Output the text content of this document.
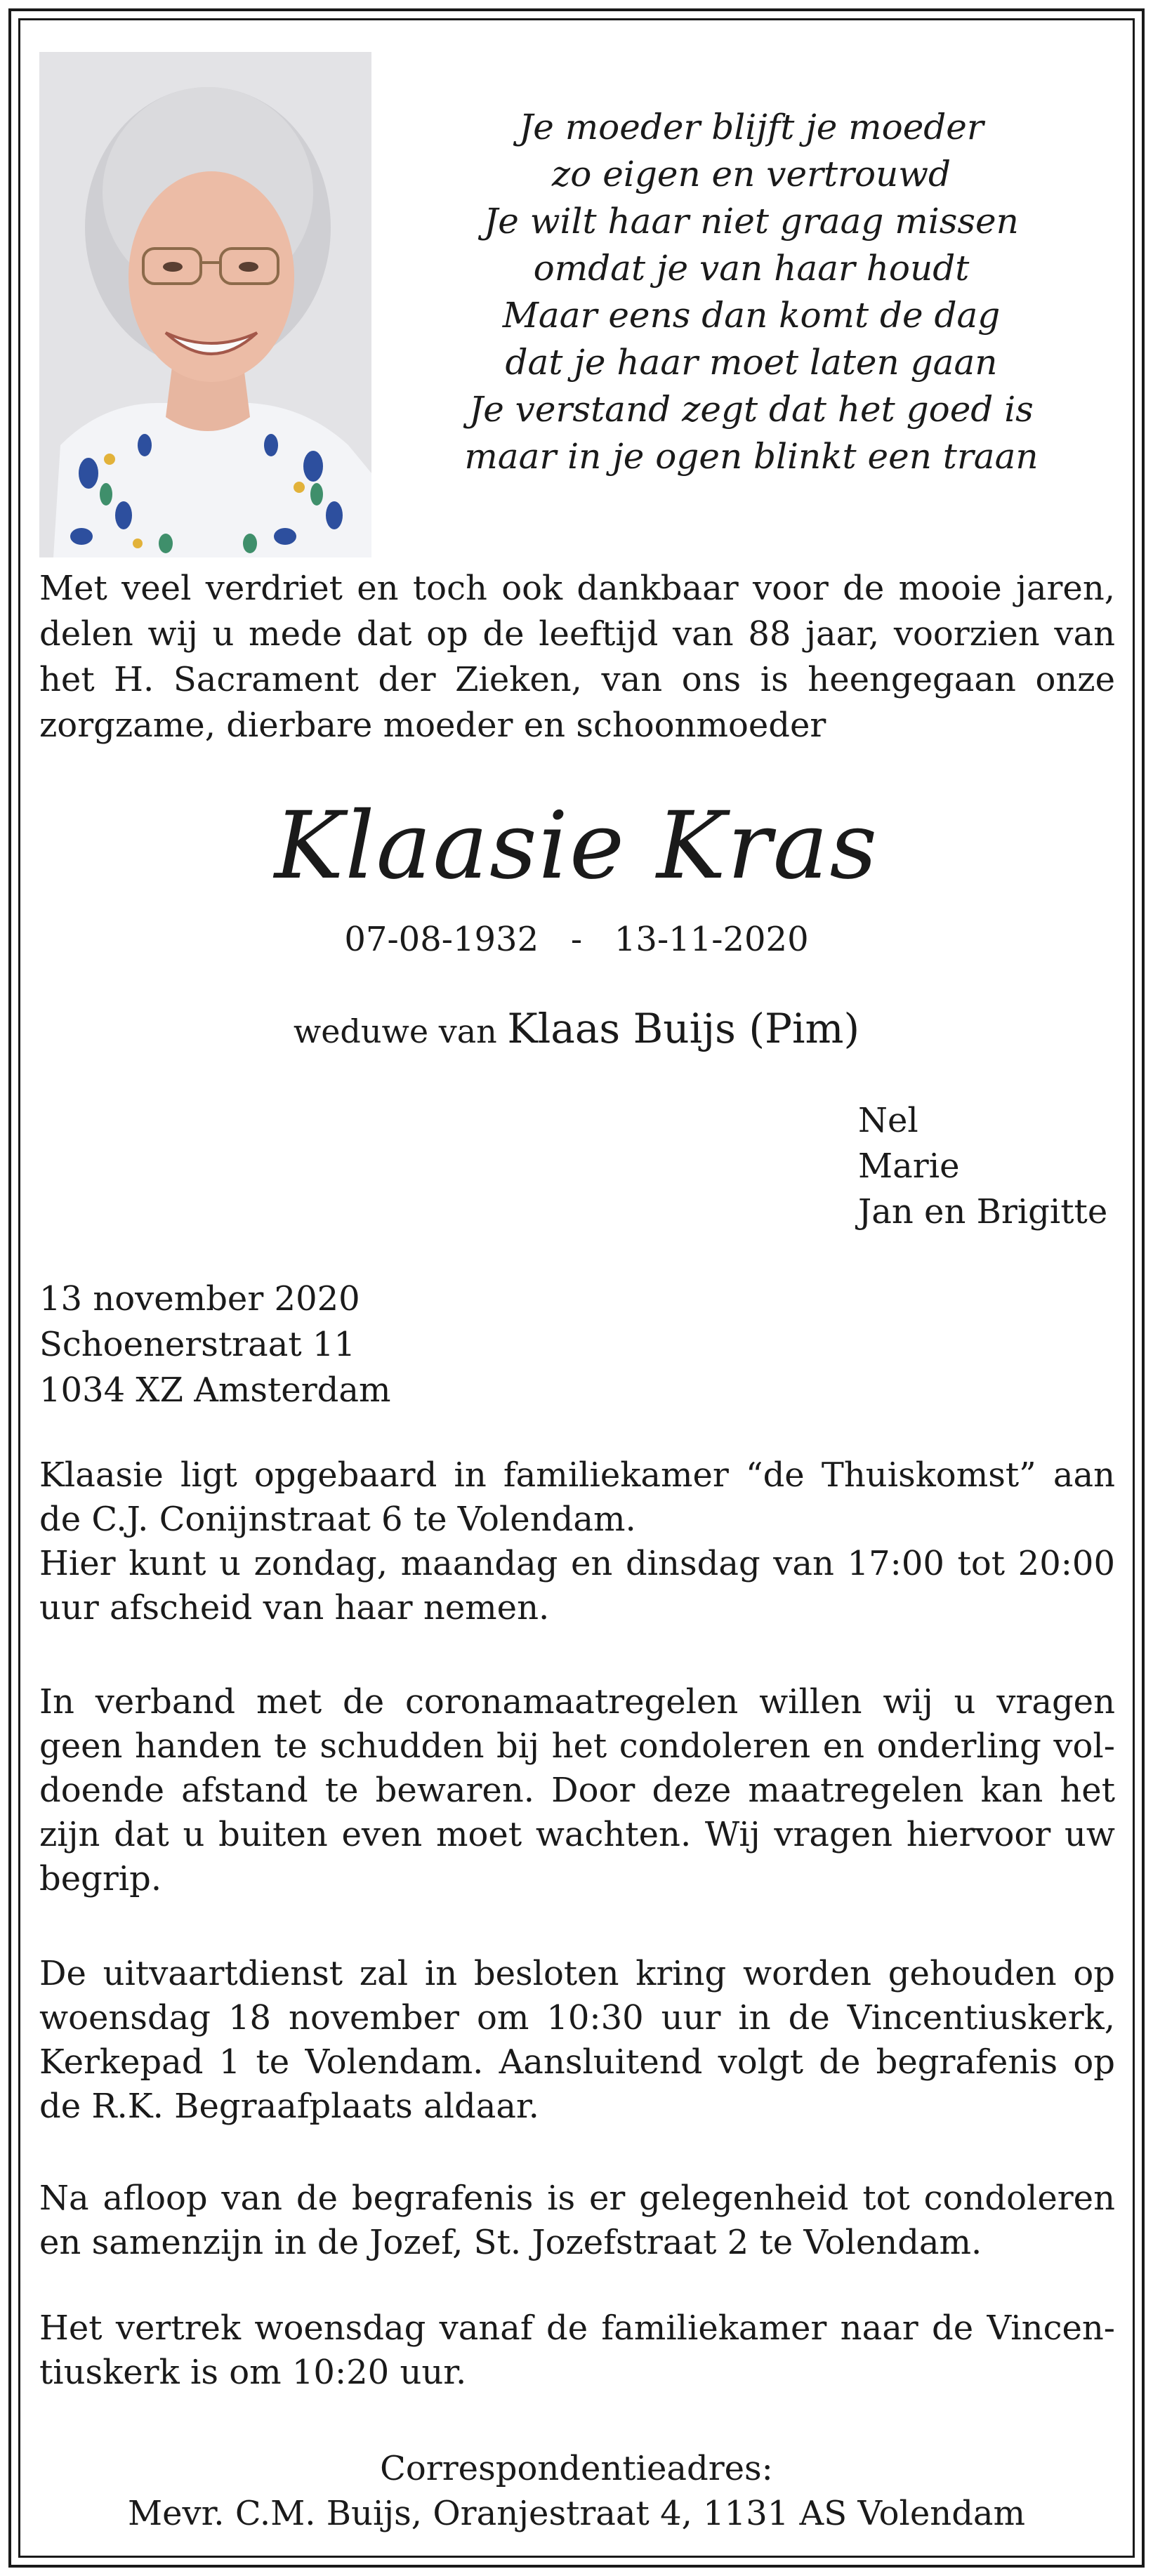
Je moeder blijft je moeder
zo eigen en vertrouwd
Je wilt haar niet graag missen
omdat je van haar houdt
Maar eens dan komt de dag
dat je haar moet laten gaan
Je verstand zegt dat het goed is
maar in je ogen blinkt een traan
Met veel verdriet en toch ook dankbaar voor de mooie jaren, delen wij u mede dat op de leeftijd van 88 jaar, voorzien van het H. Sacrament der Zieken, van ons is heengegaan onze zorgzame, dierbare moeder en schoonmoeder
Klaasie Kras
07-08-1932   -   13-11-2020
weduwe van Klaas Buijs (Pim)
Nel
Marie
Jan en Brigitte
13 november 2020
Schoenerstraat 11
1034 XZ Amsterdam
Klaasie ligt opgebaard in familiekamer “de Thuiskomst” aan de C.J. Conijnstraat 6 te Volendam.
Hier kunt u zondag, maandag en dinsdag van 17:00 tot 20:00 uur afscheid van haar nemen.
In verband met de coronamaatregelen willen wij u vragen geen handen te schudden bij het condoleren en onderling voldoende afstand te bewaren. Door deze maatregelen kan het zijn dat u buiten even moet wachten. Wij vragen hiervoor uw begrip.
De uitvaartdienst zal in besloten kring worden gehouden op woensdag 18 november om 10:30 uur in de Vincentiuskerk, Kerkepad 1 te Volendam. Aansluitend volgt de begrafenis op de R.K. Begraafplaats aldaar.
Na afloop van de begrafenis is er gelegenheid tot condoleren en samenzijn in de Jozef, St. Jozefstraat 2 te Volendam.
Het vertrek woensdag vanaf de familiekamer naar de Vincentiuskerk is om 10:20 uur.
Correspondentieadres:
Mevr. C.M. Buijs, Oranjestraat 4, 1131 AS Volendam
